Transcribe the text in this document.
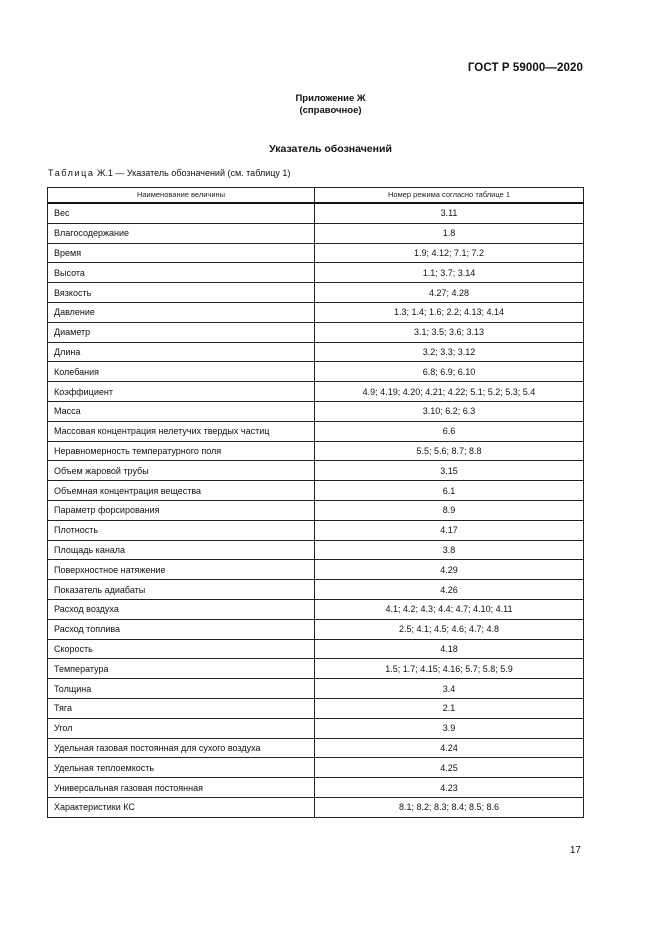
ГОСТ Р 59000—2020
Приложение Ж
(справочное)
Указатель обозначений
Таблица Ж.1 — Указатель обозначений (см. таблицу 1)
Наименование величины	Номер режима согласно таблице 1
Вес	3.11
Влагосодержание	1.8
Время	1.9; 4.12; 7.1; 7.2
Высота	1.1; 3.7; 3.14
Вязкость	4.27; 4.28
Давление	1.3; 1.4; 1.6; 2.2; 4.13; 4.14
Диаметр	3.1; 3.5; 3.6; 3.13
Длина	3.2; 3.3; 3.12
Колебания	6.8; 6.9; 6.10
Коэффициент	4.9; 4.19; 4.20; 4.21; 4.22; 5.1; 5.2; 5.3; 5.4
Масса	3.10; 6.2; 6.3
Массовая концентрация нелетучих твердых частиц	6.6
Неравномерность температурного поля	5.5; 5.6; 8.7; 8.8
Объем жаровой трубы	3.15
Объемная концентрация вещества	6.1
Параметр форсирования	8.9
Плотность	4.17
Площадь канала	3.8
Поверхностное натяжение	4.29
Показатель адиабаты	4.26
Расход воздуха	4.1; 4.2; 4.3; 4.4; 4.7; 4.10; 4.11
Расход топлива	2.5; 4.1; 4.5; 4.6; 4.7; 4.8
Скорость	4.18
Температура	1.5; 1.7; 4.15; 4.16; 5.7; 5.8; 5.9
Толщина	3.4
Тяга	2.1
Угол	3.9
Удельная газовая постоянная для сухого воздуха	4.24
Удельная теплоемкость	4.25
Универсальная газовая постоянная	4.23
Характеристики КС	8.1; 8.2; 8.3; 8.4; 8.5; 8.6
17
